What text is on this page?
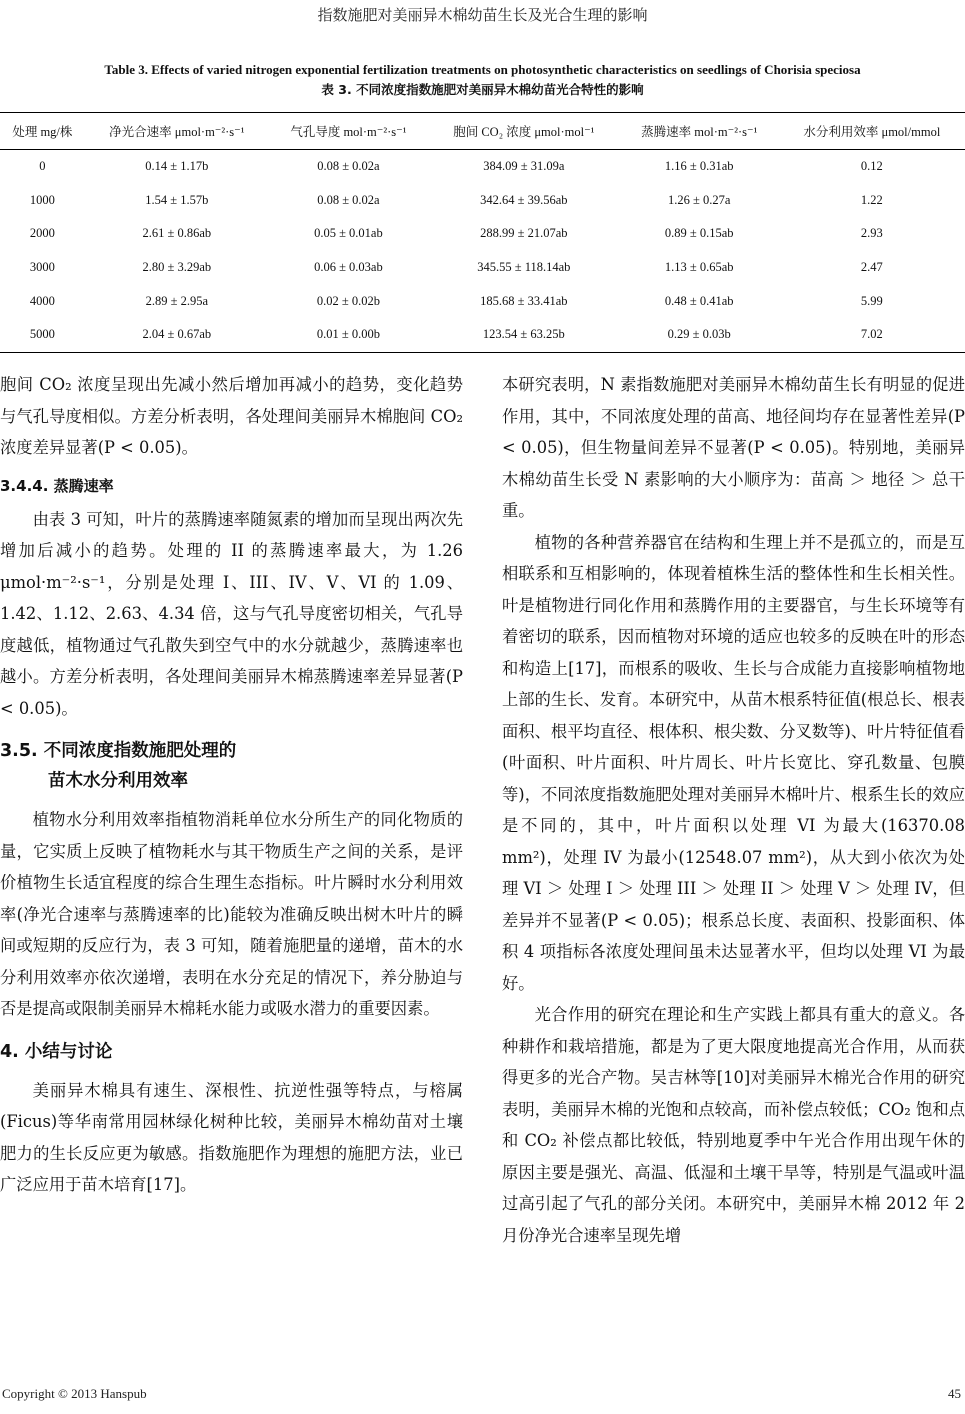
指数施肥对美丽异木棉幼苗生长及光合生理的影响
Table 3. Effects of varied nitrogen exponential fertilization treatments on photosynthetic characteristics on seedlings of Chorisia speciosa
表 3. 不同浓度指数施肥对美丽异木棉幼苗光合特性的影响
处理 mg/株	净光合速率 μmol·m⁻²·s⁻¹	气孔导度 mol·m⁻²·s⁻¹	胞间 CO₂ 浓度 μmol·mol⁻¹	蒸腾速率 mol·m⁻²·s⁻¹	水分利用效率 μmol/mmol
0	0.14 ± 1.17b	0.08 ± 0.02a	384.09 ± 31.09a	1.16 ± 0.31ab	0.12
1000	1.54 ± 1.57b	0.08 ± 0.02a	342.64 ± 39.56ab	1.26 ± 0.27a	1.22
2000	2.61 ± 0.86ab	0.05 ± 0.01ab	288.99 ± 21.07ab	0.89 ± 0.15ab	2.93
3000	2.80 ± 3.29ab	0.06 ± 0.03ab	345.55 ± 118.14ab	1.13 ± 0.65ab	2.47
4000	2.89 ± 2.95a	0.02 ± 0.02b	185.68 ± 33.41ab	0.48 ± 0.41ab	5.99
5000	2.04 ± 0.67ab	0.01 ± 0.00b	123.54 ± 63.25b	0.29 ± 0.03b	7.02

胞间 CO₂ 浓度呈现出先减小然后增加再减小的趋势，变化趋势与气孔导度相似。方差分析表明，各处理间美丽异木棉胞间 CO₂ 浓度差异显著(P < 0.05)。

3.4.4. 蒸腾速率

由表 3 可知，叶片的蒸腾速率随氮素的增加而呈现出两次先增加后减小的趋势。处理的 II 的蒸腾速率最大，为 1.26 μmol·m⁻²·s⁻¹，分别是处理 I、III、IV、V、VI 的 1.09、1.42、1.12、2.63、4.34 倍，这与气孔导度密切相关，气孔导度越低，植物通过气孔散失到空气中的水分就越少，蒸腾速率也越小。方差分析表明，各处理间美丽异木棉蒸腾速率差异显著(P < 0.05)。

3.5. 不同浓度指数施肥处理的
苗木水分利用效率

植物水分利用效率指植物消耗单位水分所生产的同化物质的量，它实质上反映了植物耗水与其干物质生产之间的关系，是评价植物生长适宜程度的综合生理生态指标。叶片瞬时水分利用效率(净光合速率与蒸腾速率的比)能较为准确反映出树木叶片的瞬间或短期的反应行为，表 3 可知，随着施肥量的递增，苗木的水分利用效率亦依次递增，表明在水分充足的情况下，养分胁迫与否是提高或限制美丽异木棉耗水能力或吸水潜力的重要因素。

4. 小结与讨论

美丽异木棉具有速生、深根性、抗逆性强等特点，与榕属(Ficus)等华南常用园林绿化树种比较，美丽异木棉幼苗对土壤肥力的生长反应更为敏感。指数施肥作为理想的施肥方法，业已广泛应用于苗木培育[17]。

本研究表明，N 素指数施肥对美丽异木棉幼苗生长有明显的促进作用，其中，不同浓度处理的苗高、地径间均存在显著性差异(P < 0.05)，但生物量间差异不显著(P < 0.05)。特别地，美丽异木棉幼苗生长受 N 素影响的大小顺序为：苗高 ＞ 地径 ＞ 总干重。

植物的各种营养器官在结构和生理上并不是孤立的，而是互相联系和互相影响的，体现着植株生活的整体性和生长相关性。叶是植物进行同化作用和蒸腾作用的主要器官，与生长环境等有着密切的联系，因而植物对环境的适应也较多的反映在叶的形态和构造上[17]，而根系的吸收、生长与合成能力直接影响植物地上部的生长、发育。本研究中，从苗木根系特征值(根总长、根表面积、根平均直径、根体积、根尖数、分叉数等)、叶片特征值看(叶面积、叶片面积、叶片周长、叶片长宽比、穿孔数量、包膜等)，不同浓度指数施肥处理对美丽异木棉叶片、根系生长的效应是不同的，其中，叶片面积以处理 VI 为最大(16370.08 mm²)，处理 IV 为最小(12548.07 mm²)，从大到小依次为处理 VI ＞ 处理 I ＞ 处理 III ＞ 处理 II ＞ 处理 V ＞ 处理 IV，但差异并不显著(P < 0.05)；根系总长度、表面积、投影面积、体积 4 项指标各浓度处理间虽未达显著水平，但均以处理 VI 为最好。

光合作用的研究在理论和生产实践上都具有重大的意义。各种耕作和栽培措施，都是为了更大限度地提高光合作用，从而获得更多的光合产物。吴吉林等[10]对美丽异木棉光合作用的研究表明，美丽异木棉的光饱和点较高，而补偿点较低；CO₂ 饱和点和 CO₂ 补偿点都比较低，特别地夏季中午光合作用出现午休的原因主要是强光、高温、低湿和土壤干旱等，特别是气温或叶温过高引起了气孔的部分关闭。本研究中，美丽异木棉 2012 年 2 月份净光合速率呈现先增

Copyright © 2013 Hanspub	45
